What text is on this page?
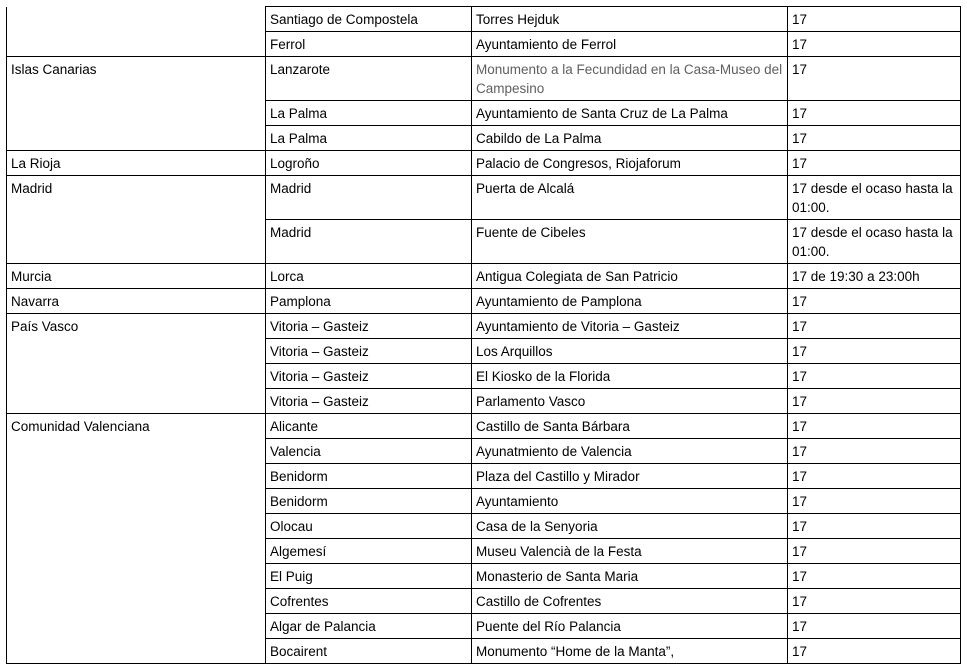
	Santiago de Compostela	Torres Hejduk	17
	Ferrol	Ayuntamiento de Ferrol	17
Islas Canarias	Lanzarote	Monumento a la Fecundidad en la Casa-Museo del Campesino	17
	La Palma	Ayuntamiento de Santa Cruz de La Palma	17
	La Palma	Cabildo de La Palma	17
La Rioja	Logroño	Palacio de Congresos, Riojaforum	17
Madrid	Madrid	Puerta de Alcalá	17 desde el ocaso hasta la 01:00.
	Madrid	Fuente de Cibeles	17 desde el ocaso hasta la 01:00.
Murcia	Lorca	Antigua Colegiata de San Patricio	17 de 19:30 a 23:00h
Navarra	Pamplona	Ayuntamiento de Pamplona	17
País Vasco	Vitoria – Gasteiz	Ayuntamiento de Vitoria – Gasteiz	17
	Vitoria – Gasteiz	Los Arquillos	17
	Vitoria – Gasteiz	El Kiosko de la Florida	17
	Vitoria – Gasteiz	Parlamento Vasco	17
Comunidad Valenciana	Alicante	Castillo de Santa Bárbara	17
	Valencia	Ayunatmiento de Valencia	17
	Benidorm	Plaza del Castillo y Mirador	17
	Benidorm	Ayuntamiento	17
	Olocau	Casa de la Senyoria	17
	Algemesí	Museu Valencià de la Festa	17
	El Puig	Monasterio de Santa Maria	17
	Cofrentes	Castillo de Cofrentes	17
	Algar de Palancia	Puente del Río Palancia	17
	Bocairent	Monumento “Home de la Manta”,	17
